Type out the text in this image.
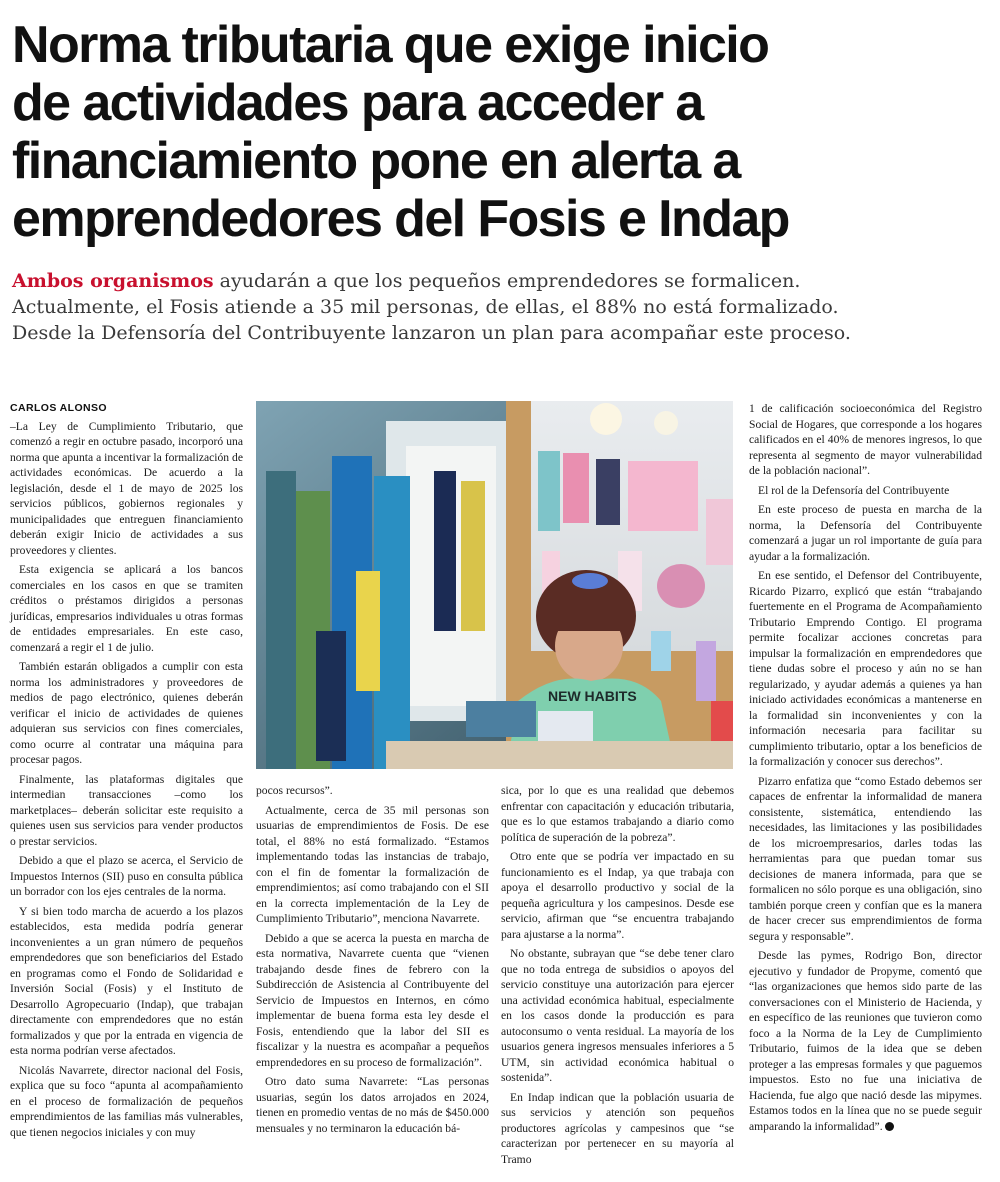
Norma tributaria que exige inicio
de actividades para acceder a
financiamiento pone en alerta a
emprendedores del Fosis e Indap
Ambos organismos ayudarán a que los pequeños emprendedores se formalicen.
Actualmente, el Fosis atiende a 35 mil personas, de ellas, el 88% no está formalizado.
Desde la Defensoría del Contribuyente lanzaron un plan para acompañar este proceso.
CARLOS ALONSO

–La Ley de Cumplimiento Tributario, que comenzó a regir en octubre pasado, incorporó una norma que apunta a incentivar la formalización de actividades económicas. De acuerdo a la legislación, desde el 1 de mayo de 2025 los servicios públicos, gobiernos regionales y municipalidades que entreguen financiamiento deberán exigir Inicio de actividades a sus proveedores y clientes.

Esta exigencia se aplicará a los bancos comerciales en los casos en que se tramiten créditos o préstamos dirigidos a personas jurídicas, empresarios individuales u otras formas de entidades empresariales. En este caso, comenzará a regir el 1 de julio.

También estarán obligados a cumplir con esta norma los administradores y proveedores de medios de pago electrónico, quienes deberán verificar el inicio de actividades de quienes adquieran sus servicios con fines comerciales, como ocurre al contratar una máquina para procesar pagos.

Finalmente, las plataformas digitales que intermedian transacciones –como los marketplaces– deberán solicitar este requisito a quienes usen sus servicios para vender productos o prestar servicios.

Debido a que el plazo se acerca, el Servicio de Impuestos Internos (SII) puso en consulta pública un borrador con los ejes centrales de la norma.

Y si bien todo marcha de acuerdo a los plazos establecidos, esta medida podría generar inconvenientes a un gran número de pequeños emprendedores que son beneficiarios del Estado en programas como el Fondo de Solidaridad e Inversión Social (Fosis) y el Instituto de Desarrollo Agropecuario (Indap), que trabajan directamente con emprendedores que no están formalizados y que por la entrada en vigencia de esta norma podrían verse afectados.

Nicolás Navarrete, director nacional del Fosis, explica que su foco “apunta al acompañamiento en el proceso de formalización de pequeños emprendimientos de las familias más vulnerables, que tienen negocios iniciales y con muy

NEW HABITS

pocos recursos”.

Actualmente, cerca de 35 mil personas son usuarias de emprendimientos de Fosis. De ese total, el 88% no está formalizado. “Estamos implementando todas las instancias de trabajo, con el fin de fomentar la formalización de emprendimientos; así como trabajando con el SII en la correcta implementación de la Ley de Cumplimiento Tributario”, menciona Navarrete.

Debido a que se acerca la puesta en marcha de esta normativa, Navarrete cuenta que “vienen trabajando desde fines de febrero con la Subdirección de Asistencia al Contribuyente del Servicio de Impuestos en Internos, en cómo implementar de buena forma esta ley desde el Fosis, entendiendo que la labor del SII es fiscalizar y la nuestra es acompañar a pequeños emprendedores en su proceso de formalización”.

Otro dato suma Navarrete: “Las personas usuarias, según los datos arrojados en 2024, tienen en promedio ventas de no más de $450.000 mensuales y no terminaron la educación bá-

sica, por lo que es una realidad que debemos enfrentar con capacitación y educación tributaria, que es lo que estamos trabajando a diario como política de superación de la pobreza”.

Otro ente que se podría ver impactado en su funcionamiento es el Indap, ya que trabaja con apoya el desarrollo productivo y social de la pequeña agricultura y los campesinos. Desde ese servicio, afirman que “se encuentra trabajando para ajustarse a la norma”.

No obstante, subrayan que “se debe tener claro que no toda entrega de subsidios o apoyos del servicio constituye una autorización para ejercer una actividad económica habitual, especialmente en los casos donde la producción es para autoconsumo o venta residual. La mayoría de los usuarios genera ingresos mensuales inferiores a 5 UTM, sin actividad económica habitual o sostenida”.

En Indap indican que la población usuaria de sus servicios y atención son pequeños productores agrícolas y campesinos que “se caracterizan por pertenecer en su mayoría al Tramo

1 de calificación socioeconómica del Registro Social de Hogares, que corresponde a los hogares calificados en el 40% de menores ingresos, lo que representa al segmento de mayor vulnerabilidad de la población nacional”.

El rol de la Defensoría del Contribuyente

En este proceso de puesta en marcha de la norma, la Defensoría del Contribuyente comenzará a jugar un rol importante de guía para ayudar a la formalización.

En ese sentido, el Defensor del Contribuyente, Ricardo Pizarro, explicó que están “trabajando fuertemente en el Programa de Acompañamiento Tributario Emprendo Contigo. El programa permite focalizar acciones concretas para impulsar la formalización en emprendedores que tiene dudas sobre el proceso y aún no se han regularizado, y ayudar además a quienes ya han iniciado actividades económicas a mantenerse en la formalidad sin inconvenientes y con la información necesaria para facilitar su cumplimiento tributario, optar a los beneficios de la formalización y conocer sus derechos”.

Pizarro enfatiza que “como Estado debemos ser capaces de enfrentar la informalidad de manera consistente, sistemática, entendiendo las necesidades, las limitaciones y las posibilidades de los microempresarios, darles todas las herramientas para que puedan tomar sus decisiones de manera informada, para que se formalicen no sólo porque es una obligación, sino también porque creen y confían que es la manera de hacer crecer sus emprendimientos de forma segura y responsable”.

Desde las pymes, Rodrigo Bon, director ejecutivo y fundador de Propyme, comentó que “las organizaciones que hemos sido parte de las conversaciones con el Ministerio de Hacienda, y en específico de las reuniones que tuvieron como foco a la Norma de la Ley de Cumplimiento Tributario, fuimos de la idea que se deben proteger a las empresas formales y que paguemos impuestos. Esto no fue una iniciativa de Hacienda, fue algo que nació desde las mipymes. Estamos todos en la línea que no se puede seguir amparando la informalidad”.
